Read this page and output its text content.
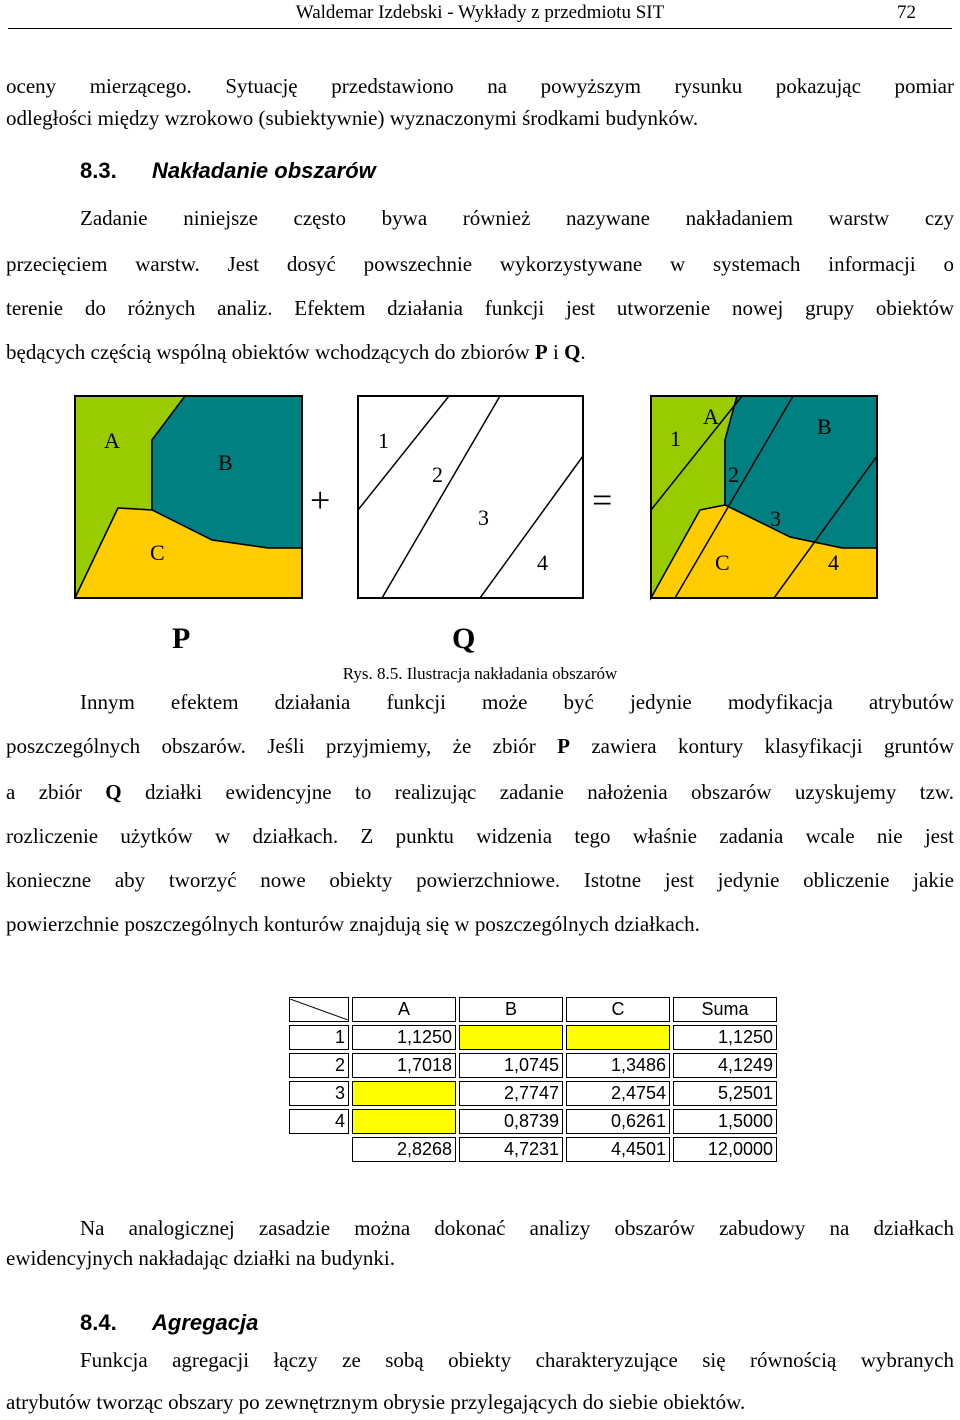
Waldemar Izdebski - Wykłady z przedmiotu SIT	72
oceny mierzącego. Sytuację przedstawiono na powyższym rysunku pokazując pomiar
odległości między wzrokowo (subiektywnie) wyznaczonymi środkami budynków.
8.3. Nakładanie obszarów
Zadanie niniejsze często bywa również nazywane nakładaniem warstw czy
przecięciem warstw. Jest dosyć powszechnie wykorzystywane w systemach informacji o
terenie do różnych analiz. Efektem działania funkcji jest utworzenie nowej grupy obiektów
będących częścią wspólną obiektów wchodzących do zbiorów P i Q.
A
B
C
+
1
2
3
4
=
A	B
1
2
3
C	4
P	Q
Rys. 8.5. Ilustracja nakładania obszarów
Innym efektem działania funkcji może być jedynie modyfikacja atrybutów
poszczególnych obszarów. Jeśli przyjmiemy, że zbiór P zawiera kontury klasyfikacji gruntów
a zbiór Q działki ewidencyjne to realizując zadanie nałożenia obszarów uzyskujemy tzw.
rozliczenie użytków w działkach. Z punktu widzenia tego właśnie zadania wcale nie jest
konieczne aby tworzyć nowe obiekty powierzchniowe. Istotne jest jedynie obliczenie jakie
powierzchnie poszczególnych konturów znajdują się w poszczególnych działkach.
	A	B	C	Suma
1	1,1250			1,1250
2	1,7018	1,0745	1,3486	4,1249
3		2,7747	2,4754	5,2501
4		0,8739	0,6261	1,5000
	2,8268	4,7231	4,4501	12,0000
Na analogicznej zasadzie można dokonać analizy obszarów zabudowy na działkach
ewidencyjnych nakładając działki na budynki.
8.4. Agregacja
Funkcja agregacji łączy ze sobą obiekty charakteryzujące się równością wybranych
atrybutów tworząc obszary po zewnętrznym obrysie przylegających do siebie obiektów.
